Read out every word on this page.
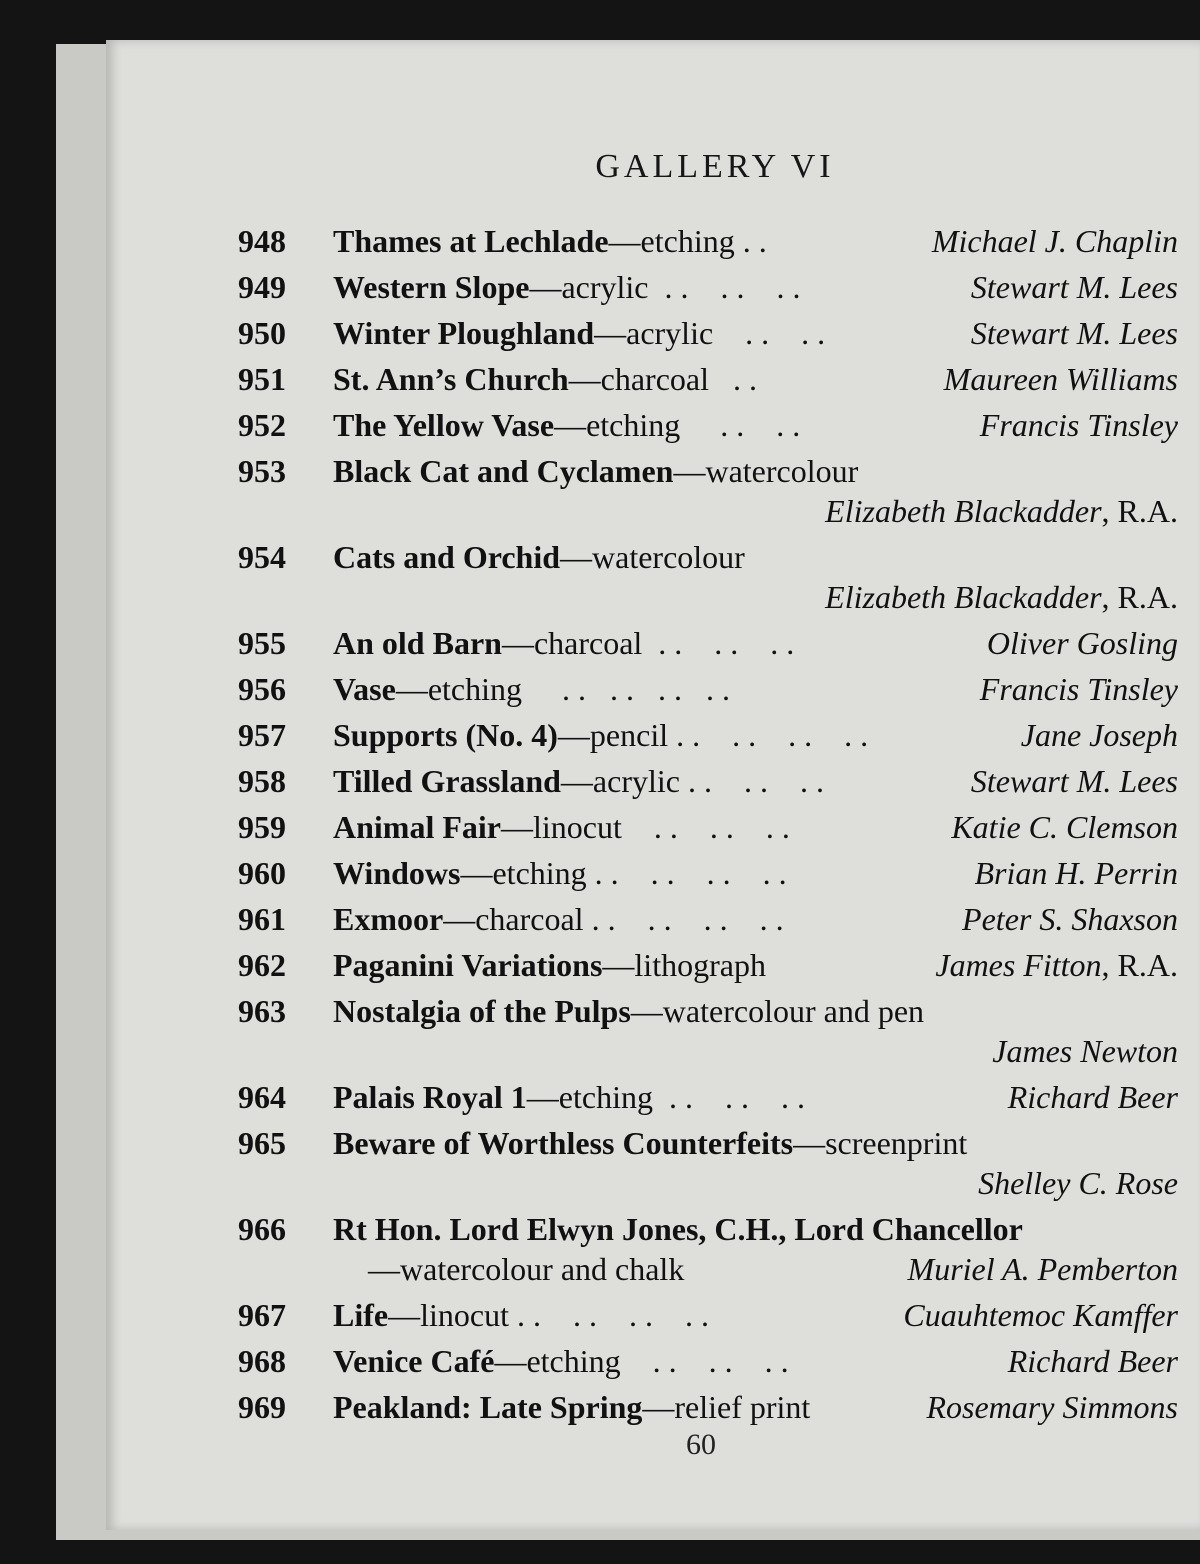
GALLERY VI
948 Thames at Lechlade—etching . .	Michael J. Chaplin
949 Western Slope—acrylic  . .    . .    . .	Stewart M. Lees
950 Winter Ploughland—acrylic    . .    . .	Stewart M. Lees
951 St. Ann’s Church—charcoal   . .	Maureen Williams
952 The Yellow Vase—etching     . .    . .	Francis Tinsley
953 Black Cat and Cyclamen—watercolour
Elizabeth Blackadder, R.A.
954 Cats and Orchid—watercolour
Elizabeth Blackadder, R.A.
955 An old Barn—charcoal  . .    . .    . .	Oliver Gosling
956 Vase—etching     . .   . .   . .   . .	Francis Tinsley
957 Supports (No. 4)—pencil . .    . .    . .    . .	Jane Joseph
958 Tilled Grassland—acrylic . .    . .    . .	Stewart M. Lees
959 Animal Fair—linocut    . .    . .    . .	Katie C. Clemson
960 Windows—etching . .    . .    . .    . .	Brian H. Perrin
961 Exmoor—charcoal . .    . .    . .    . .	Peter S. Shaxson
962 Paganini Variations—lithograph	James Fitton, R.A.
963 Nostalgia of the Pulps—watercolour and pen
James Newton
964 Palais Royal 1—etching  . .    . .    . .	Richard Beer
965 Beware of Worthless Counterfeits—screenprint
Shelley C. Rose
966 Rt Hon. Lord Elwyn Jones, C.H., Lord Chancellor
—watercolour and chalk	Muriel A. Pemberton
967 Life—linocut . .    . .    . .    . .	Cuauhtemoc Kamffer
968 Venice Café—etching    . .    . .    . .	Richard Beer
969 Peakland: Late Spring—relief print	Rosemary Simmons
60
